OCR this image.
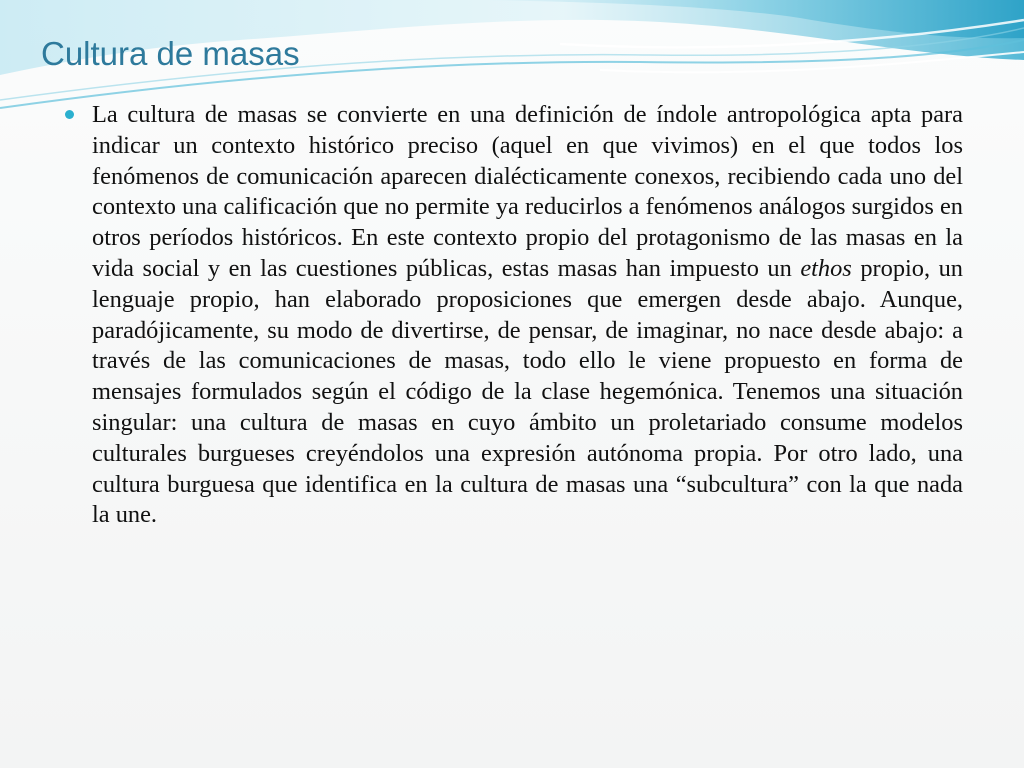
Cultura de masas

La cultura de masas se convierte en una definición de índole antropológica apta para indicar un contexto histórico preciso (aquel en que vivimos) en el que todos los fenómenos de comunicación aparecen dialécticamente conexos, recibiendo cada uno del contexto una calificación que no permite ya reducirlos a fenómenos análogos surgidos en otros períodos históricos. En este contexto propio del protagonismo de las masas en la vida social y en las cuestiones públicas, estas masas han impuesto un ethos propio, un lenguaje propio, han elaborado proposiciones que emergen desde abajo. Aunque, paradójicamente, su modo de divertirse, de pensar, de imaginar, no nace desde abajo: a través de las comunicaciones de masas, todo ello le viene propuesto en forma de mensajes formulados según el código de la clase hegemónica. Tenemos una situación singular: una cultura de masas en cuyo ámbito un proletariado consume modelos culturales burgueses creyéndolos una expresión autónoma propia. Por otro lado, una cultura burguesa que identifica en la cultura de masas una “subcultura” con la que nada la une.
